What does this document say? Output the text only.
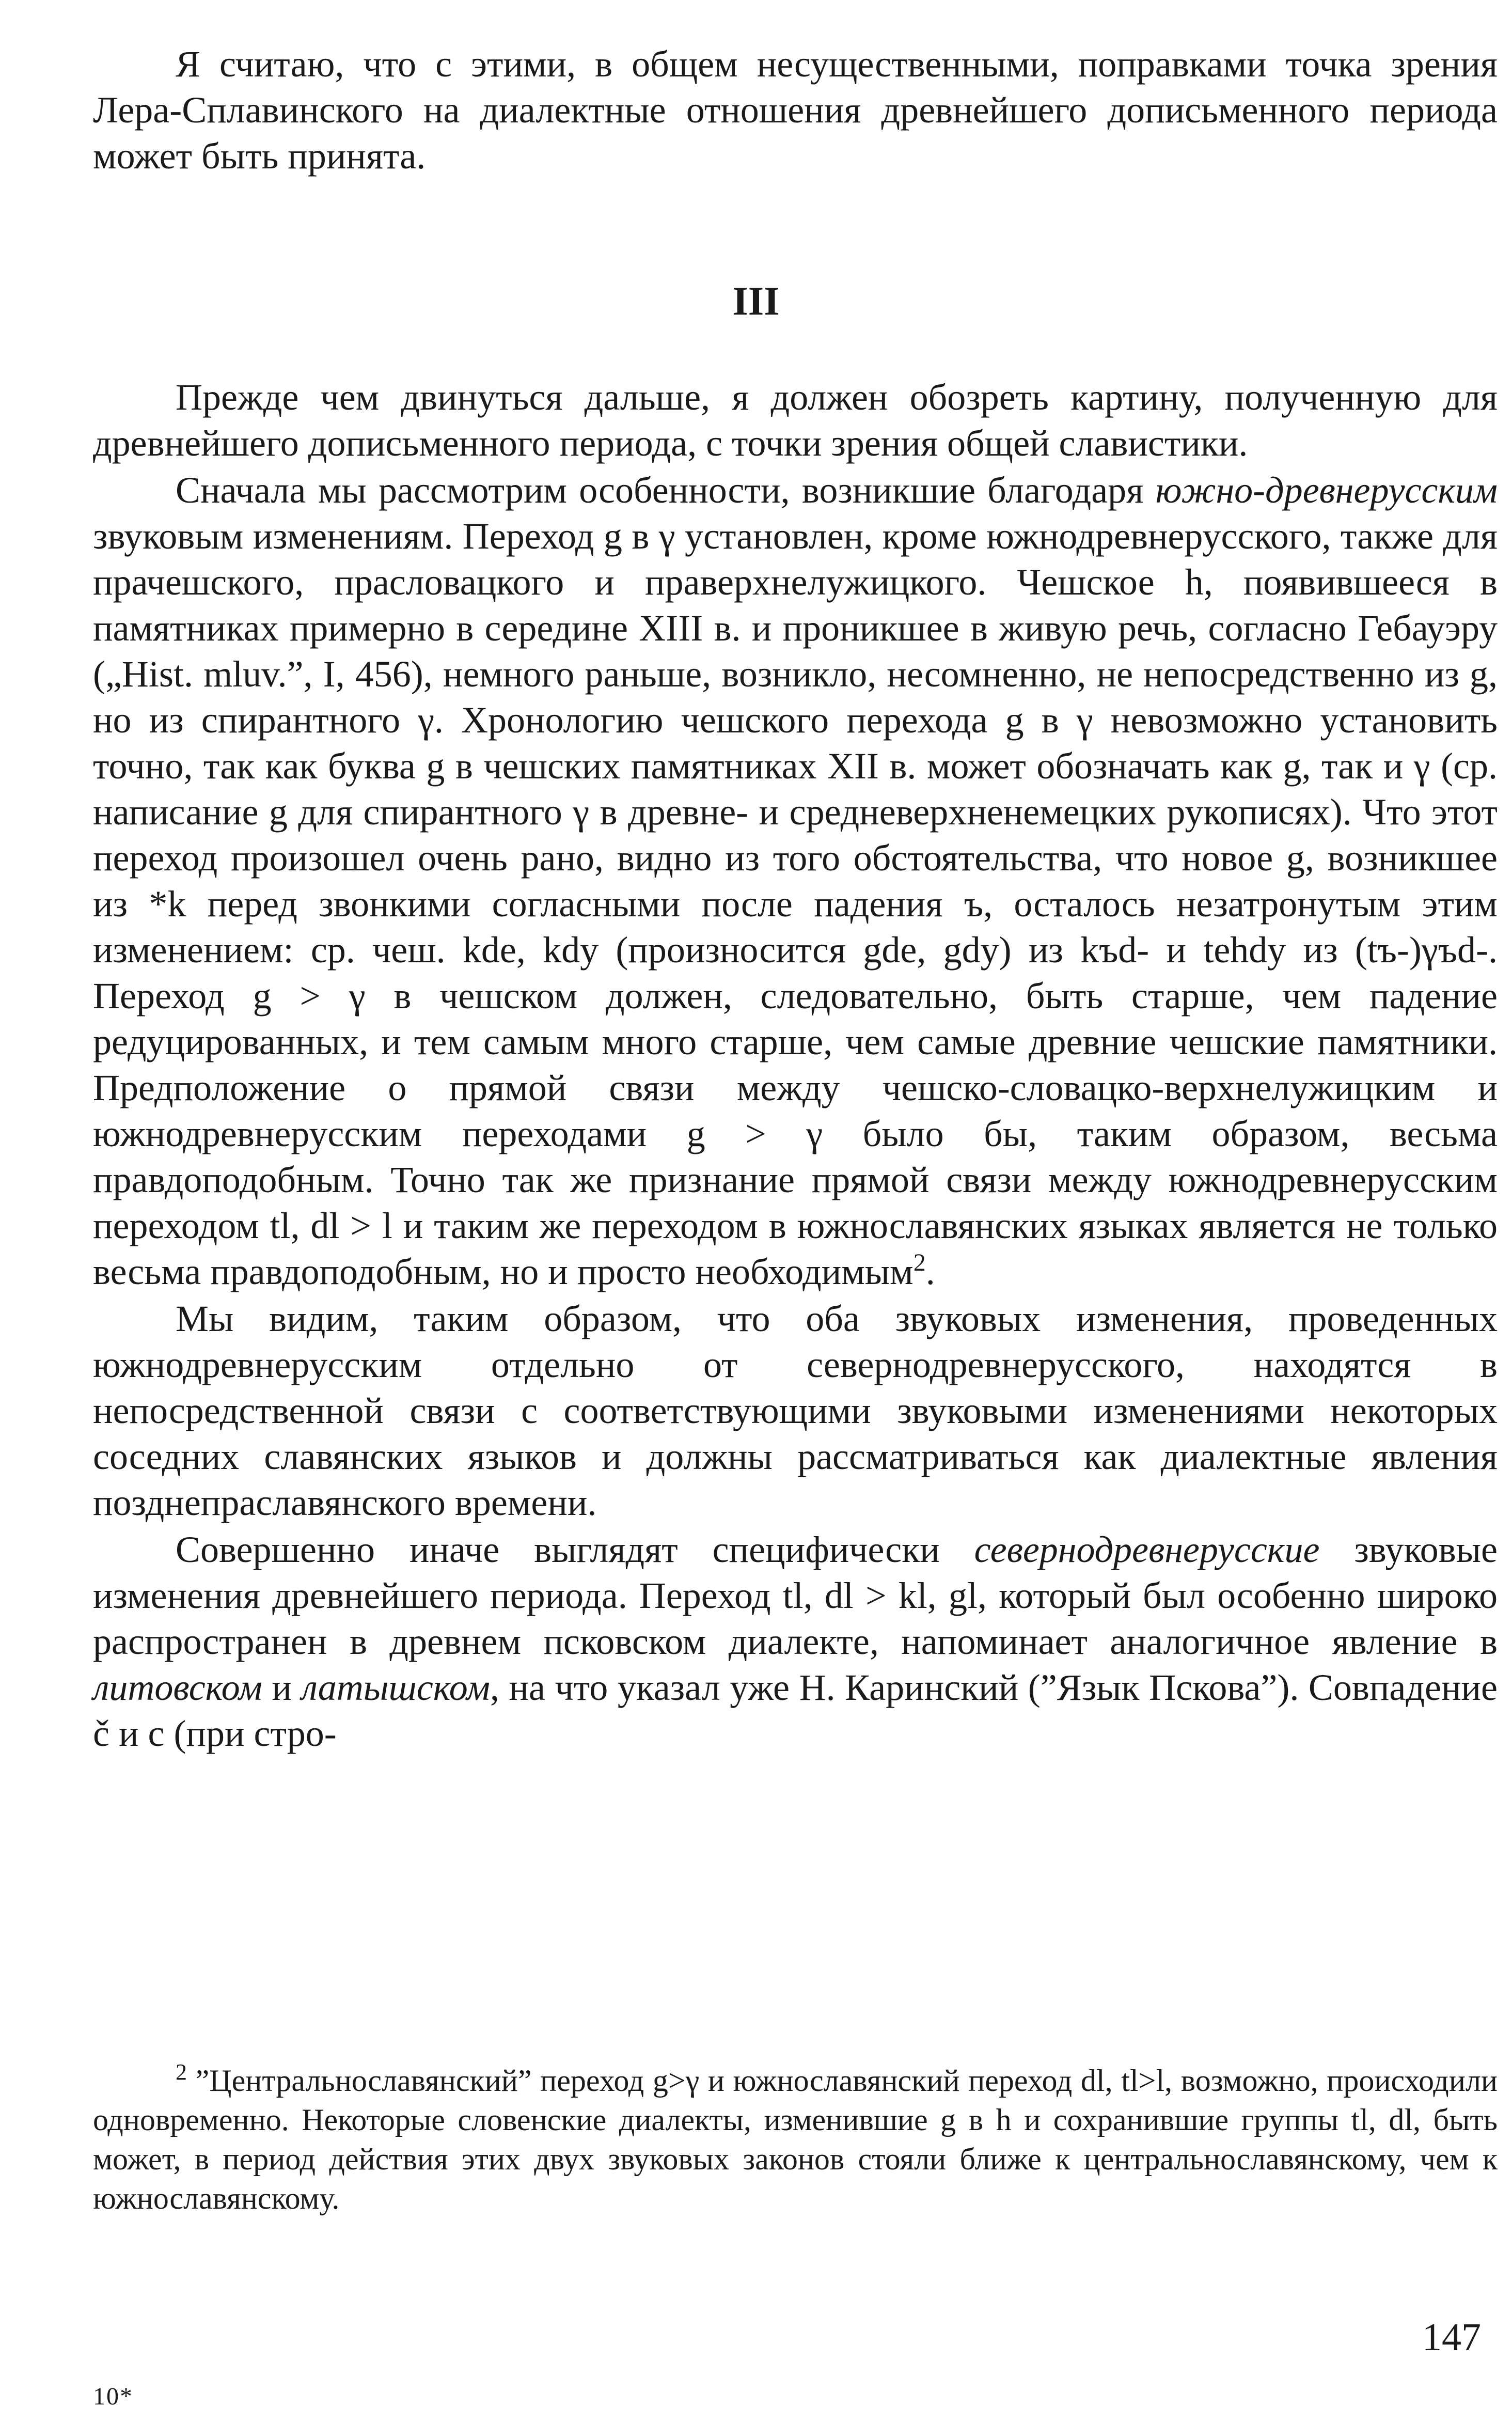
Я считаю, что с этими, в общем несущественными, поправками точка зрения Лера-Сплавинского на диалектные отношения древнейшего дописьменного периода может быть принята.

III

Прежде чем двинуться дальше, я должен обозреть картину, полученную для древнейшего дописьменного периода, с точки зрения общей славистики.

Сначала мы рассмотрим особенности, возникшие благодаря южно-древнерусским звуковым изменениям. Переход g в γ установлен, кроме южнодревнерусского, также для прачешского, прасловацкого и праверхнелужицкого. Чешское h, появившееся в памятниках примерно в середине XIII в. и проникшее в живую речь, согласно Гебауэру („Hist. mluv.”, I, 456), немного раньше, возникло, несомненно, не непосредственно из g, но из спирантного γ. Хронологию чешского перехода g в γ невозможно установить точно, так как буква g в чешских памятниках XII в. может обозначать как g, так и γ (ср. написание g для спирантного γ в древне- и средневерхненемецких рукописях). Что этот переход произошел очень рано, видно из того обстоятельства, что новое g, возникшее из *k перед звонкими согласными после падения ъ, осталось незатронутым этим изменением: ср. чеш. kde, kdy (произносится gde, gdy) из kъd- и tehdy из (tъ-)γъd-. Переход g > γ в чешском должен, следовательно, быть старше, чем падение редуцированных, и тем самым много старше, чем самые древние чешские памятники. Предположение о прямой связи между чешско-словацко-верхнелужицким и южнодревнерусским переходами g > γ было бы, таким образом, весьма правдоподобным. Точно так же признание прямой связи между южнодревнерусским переходом tl, dl > l и таким же переходом в южнославянских языках является не только весьма правдоподобным, но и просто необходимым$^2$.

Мы видим, таким образом, что оба звуковых изменения, проведенных южнодревнерусским отдельно от севернодревнерусского, находятся в непосредственной связи с соответствующими звуковыми изменениями некоторых соседних славянских языков и должны рассматриваться как диалектные явления позднепраславянского времени.

Совершенно иначе выглядят специфически севернодревнерусские звуковые изменения древнейшего периода. Переход tl, dl > kl, gl, который был особенно широко распространен в древнем псковском диалекте, напоминает аналогичное явление в литовском и латышском, на что указал уже Н. Каринский (”Язык Пскова”). Совпадение č и c (при стро-

$^2$ ”Центральнославянский” переход g>γ и южнославянский переход dl, tl>l, возможно, происходили одновременно. Некоторые словенские диалекты, изменившие g в h и сохранившие группы tl, dl, быть может, в период действия этих двух звуковых законов стояли ближе к центральнославянскому, чем к южнославянскому.

147
10*
